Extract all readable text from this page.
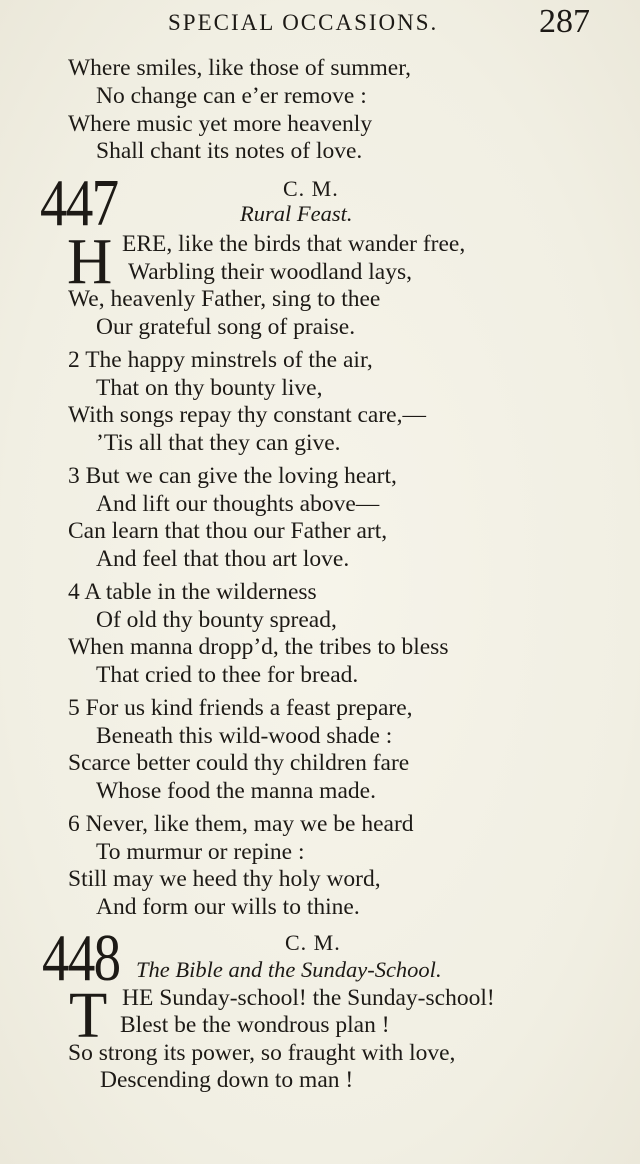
SPECIAL OCCASIONS.	287
Where smiles, like those of summer,
No change can e’er remove :
Where music yet more heavenly
Shall chant its notes of love.
447	C. M.
Rural Feast.
H ERE, like the birds that wander free,
Warbling their woodland lays,
We, heavenly Father, sing to thee
Our grateful song of praise.
2 The happy minstrels of the air,
That on thy bounty live,
With songs repay thy constant care,—
’Tis all that they can give.
3 But we can give the loving heart,
And lift our thoughts above—
Can learn that thou our Father art,
And feel that thou art love.
4 A table in the wilderness
Of old thy bounty spread,
When manna dropp’d, the tribes to bless
That cried to thee for bread.
5 For us kind friends a feast prepare,
Beneath this wild-wood shade :
Scarce better could thy children fare
Whose food the manna made.
6 Never, like them, may we be heard
To murmur or repine :
Still may we heed thy holy word,
And form our wills to thine.
448	C. M.
The Bible and the Sunday-School.
T HE Sunday-school! the Sunday-school!
Blest be the wondrous plan !
So strong its power, so fraught with love,
Descending down to man !
